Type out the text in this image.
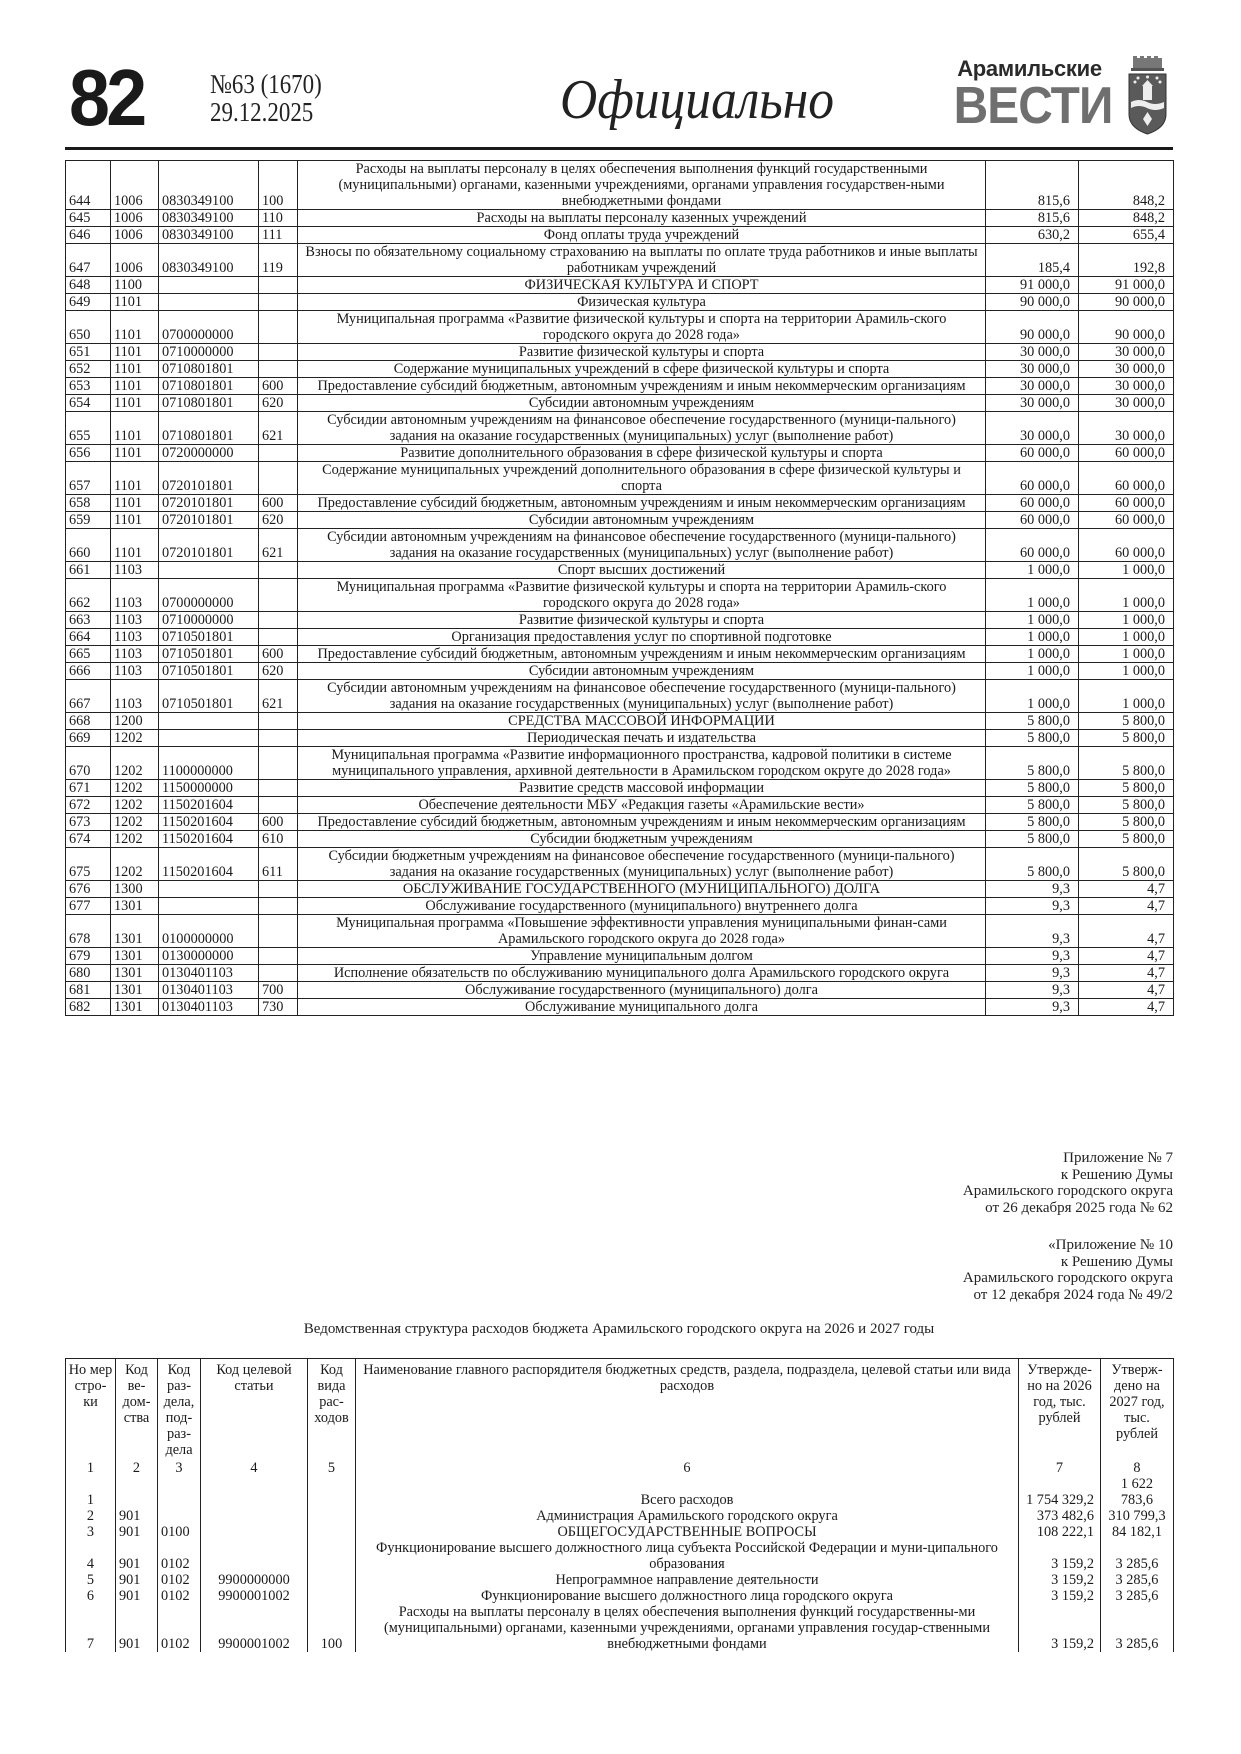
82 №63 (1670)
29.12.2025	Официально
Арамильские
ВЕСТИ
644	1006	0830349100	100	Расходы на выплаты персоналу в целях обеспечения выполнения функций государственными (муниципальными) органами, казенными учреждениями, органами управления государствен-ными внебюджетными фондами	815,6	848,2
645	1006	0830349100	110	Расходы на выплаты персоналу казенных учреждений	815,6	848,2
646	1006	0830349100	111	Фонд оплаты труда учреждений	630,2	655,4
647	1006	0830349100	119	Взносы по обязательному социальному страхованию на выплаты по оплате труда работников и иные выплаты работникам учреждений	185,4	192,8
648	1100			ФИЗИЧЕСКАЯ КУЛЬТУРА И СПОРТ	91 000,0	91 000,0
649	1101			Физическая культура	90 000,0	90 000,0
650	1101	0700000000		Муниципальная программа «Развитие физической культуры и спорта на территории Арамиль-ского городского округа до 2028 года»	90 000,0	90 000,0
651	1101	0710000000		Развитие физической культуры и спорта	30 000,0	30 000,0
652	1101	0710801801		Содержание муниципальных учреждений в сфере физической культуры и спорта	30 000,0	30 000,0
653	1101	0710801801	600	Предоставление субсидий бюджетным, автономным учреждениям и иным некоммерческим организациям	30 000,0	30 000,0
654	1101	0710801801	620	Субсидии автономным учреждениям	30 000,0	30 000,0
655	1101	0710801801	621	Субсидии автономным учреждениям на финансовое обеспечение государственного (муници-пального) задания на оказание государственных (муниципальных) услуг (выполнение работ)	30 000,0	30 000,0
656	1101	0720000000		Развитие дополнительного образования в сфере физической культуры и спорта	60 000,0	60 000,0
657	1101	0720101801		Содержание муниципальных учреждений дополнительного образования в сфере физической культуры и спорта	60 000,0	60 000,0
658	1101	0720101801	600	Предоставление субсидий бюджетным, автономным учреждениям и иным некоммерческим организациям	60 000,0	60 000,0
659	1101	0720101801	620	Субсидии автономным учреждениям	60 000,0	60 000,0
660	1101	0720101801	621	Субсидии автономным учреждениям на финансовое обеспечение государственного (муници-пального) задания на оказание государственных (муниципальных) услуг (выполнение работ)	60 000,0	60 000,0
661	1103			Спорт высших достижений	1 000,0	1 000,0
662	1103	0700000000		Муниципальная программа «Развитие физической культуры и спорта на территории Арамиль-ского городского округа до 2028 года»	1 000,0	1 000,0
663	1103	0710000000		Развитие физической культуры и спорта	1 000,0	1 000,0
664	1103	0710501801		Организация предоставления услуг по спортивной подготовке	1 000,0	1 000,0
665	1103	0710501801	600	Предоставление субсидий бюджетным, автономным учреждениям и иным некоммерческим организациям	1 000,0	1 000,0
666	1103	0710501801	620	Субсидии автономным учреждениям	1 000,0	1 000,0
667	1103	0710501801	621	Субсидии автономным учреждениям на финансовое обеспечение государственного (муници-пального) задания на оказание государственных (муниципальных) услуг (выполнение работ)	1 000,0	1 000,0
668	1200			СРЕДСТВА МАССОВОЙ ИНФОРМАЦИИ	5 800,0	5 800,0
669	1202			Периодическая печать и издательства	5 800,0	5 800,0
670	1202	1100000000		Муниципальная программа «Развитие информационного пространства, кадровой политики в системе муниципального управления, архивной деятельности в Арамильском городском округе до 2028 года»	5 800,0	5 800,0
671	1202	1150000000		Развитие средств массовой информации	5 800,0	5 800,0
672	1202	1150201604		Обеспечение деятельности МБУ «Редакция газеты «Арамильские вести»	5 800,0	5 800,0
673	1202	1150201604	600	Предоставление субсидий бюджетным, автономным учреждениям и иным некоммерческим организациям	5 800,0	5 800,0
674	1202	1150201604	610	Субсидии бюджетным учреждениям	5 800,0	5 800,0
675	1202	1150201604	611	Субсидии бюджетным учреждениям на финансовое обеспечение государственного (муници-пального) задания на оказание государственных (муниципальных) услуг (выполнение работ)	5 800,0	5 800,0
676	1300			ОБСЛУЖИВАНИЕ ГОСУДАРСТВЕННОГО (МУНИЦИПАЛЬНОГО) ДОЛГА	9,3	4,7
677	1301			Обслуживание государственного (муниципального) внутреннего долга	9,3	4,7
678	1301	0100000000		Муниципальная программа «Повышение эффективности управления муниципальными финан-сами Арамильского городского округа до 2028 года»	9,3	4,7
679	1301	0130000000		Управление муниципальным долгом	9,3	4,7
680	1301	0130401103		Исполнение обязательств по обслуживанию муниципального долга Арамильского городского округа	9,3	4,7
681	1301	0130401103	700	Обслуживание государственного (муниципального) долга	9,3	4,7
682	1301	0130401103	730	Обслуживание муниципального долга	9,3	4,7
Приложение № 7
к Решению Думы
Арамильского городского округа
от 26 декабря 2025 года № 62
«Приложение № 10
к Решению Думы
Арамильского городского округа
от 12 декабря 2024 года № 49/2
Ведомственная структура расходов бюджета Арамильского городского округа на 2026 и 2027 годы
Но мер стро-ки	Код ве-дом-ства	Код раз-дела, под-раз-дела	Код целевой статьи	Код вида рас-ходов	Наименование главного распорядителя бюджетных средств, раздела, подраздела, целевой статьи или вида расходов	Утвержде-но на 2026 год, тыс. рублей	Утверж-дено на 2027 год, тыс. рублей
1	2	3	4	5	6	7	8
1					Всего расходов	1 754 329,2	1 622 783,6
2	901				Администрация Арамильского городского округа	373 482,6	310 799,3
3	901	0100			ОБЩЕГОСУДАРСТВЕННЫЕ ВОПРОСЫ	108 222,1	84 182,1
4	901	0102			Функционирование высшего должностного лица субъекта Российской Федерации и муни-ципального образования	3 159,2	3 285,6
5	901	0102	9900000000		Непрограммное направление деятельности	3 159,2	3 285,6
6	901	0102	9900001002		Функционирование высшего должностного лица городского округа	3 159,2	3 285,6
7	901	0102	9900001002	100	Расходы на выплаты персоналу в целях обеспечения выполнения функций государственны-ми (муниципальными) органами, казенными учреждениями, органами управления государ-ственными внебюджетными фондами	3 159,2	3 285,6
